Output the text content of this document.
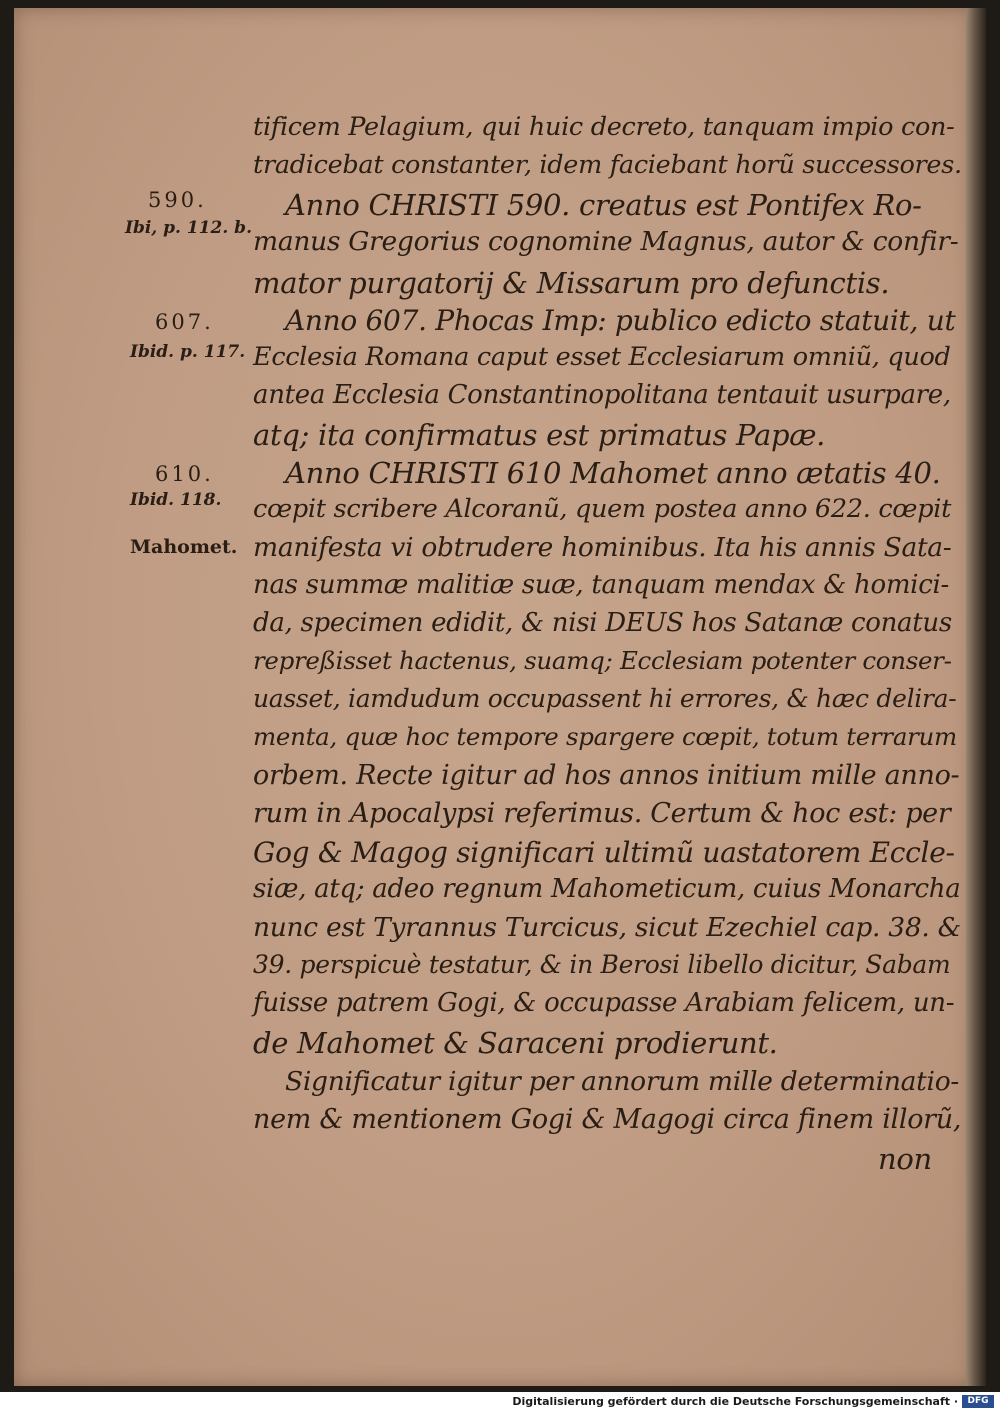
590.
Ibi, p. 112. b.
607.
Ibid. p. 117.
610.
Ibid. 118.
Mahomet.
tificem Pelagium, qui huic decreto, tanquam impio con-
tradicebat constanter, idem faciebant horũ successores.
Anno CHRISTI 590. creatus est Pontifex Ro-
manus Gregorius cognomine Magnus, autor & confir-
mator purgatorij & Missarum pro defunctis.
Anno 607. Phocas Imp: publico edicto statuit, ut
Ecclesia Romana caput esset Ecclesiarum omniũ, quod
antea Ecclesia Constantinopolitana tentauit usurpare,
atq; ita confirmatus est primatus Papæ.
Anno CHRISTI 610 Mahomet anno ætatis 40.
cœpit scribere Alcoranũ, quem postea anno 622. cœpit
manifesta vi obtrudere hominibus. Ita his annis Sata-
nas summæ malitiæ suæ, tanquam mendax & homici-
da, specimen edidit, & nisi DEUS hos Satanæ conatus
repreßisset hactenus, suamq; Ecclesiam potenter conser-
uasset, iamdudum occupassent hi errores, & hæc delira-
menta, quæ hoc tempore spargere cœpit, totum terrarum
orbem. Recte igitur ad hos annos initium mille anno-
rum in Apocalypsi referimus. Certum & hoc est: per
Gog & Magog significari ultimũ uastatorem Eccle-
siæ, atq; adeo regnum Mahometicum, cuius Monarcha
nunc est Tyrannus Turcicus, sicut Ezechiel cap. 38. &
39. perspicuè testatur, & in Berosi libello dicitur, Sabam
fuisse patrem Gogi, & occupasse Arabiam felicem, un-
de Mahomet & Saraceni prodierunt.
Significatur igitur per annorum mille determinatio-
nem & mentionem Gogi & Magogi circa finem illorũ,
non
Digitalisierung gefördert durch die Deutsche Forschungsgemeinschaft ·	DFG
